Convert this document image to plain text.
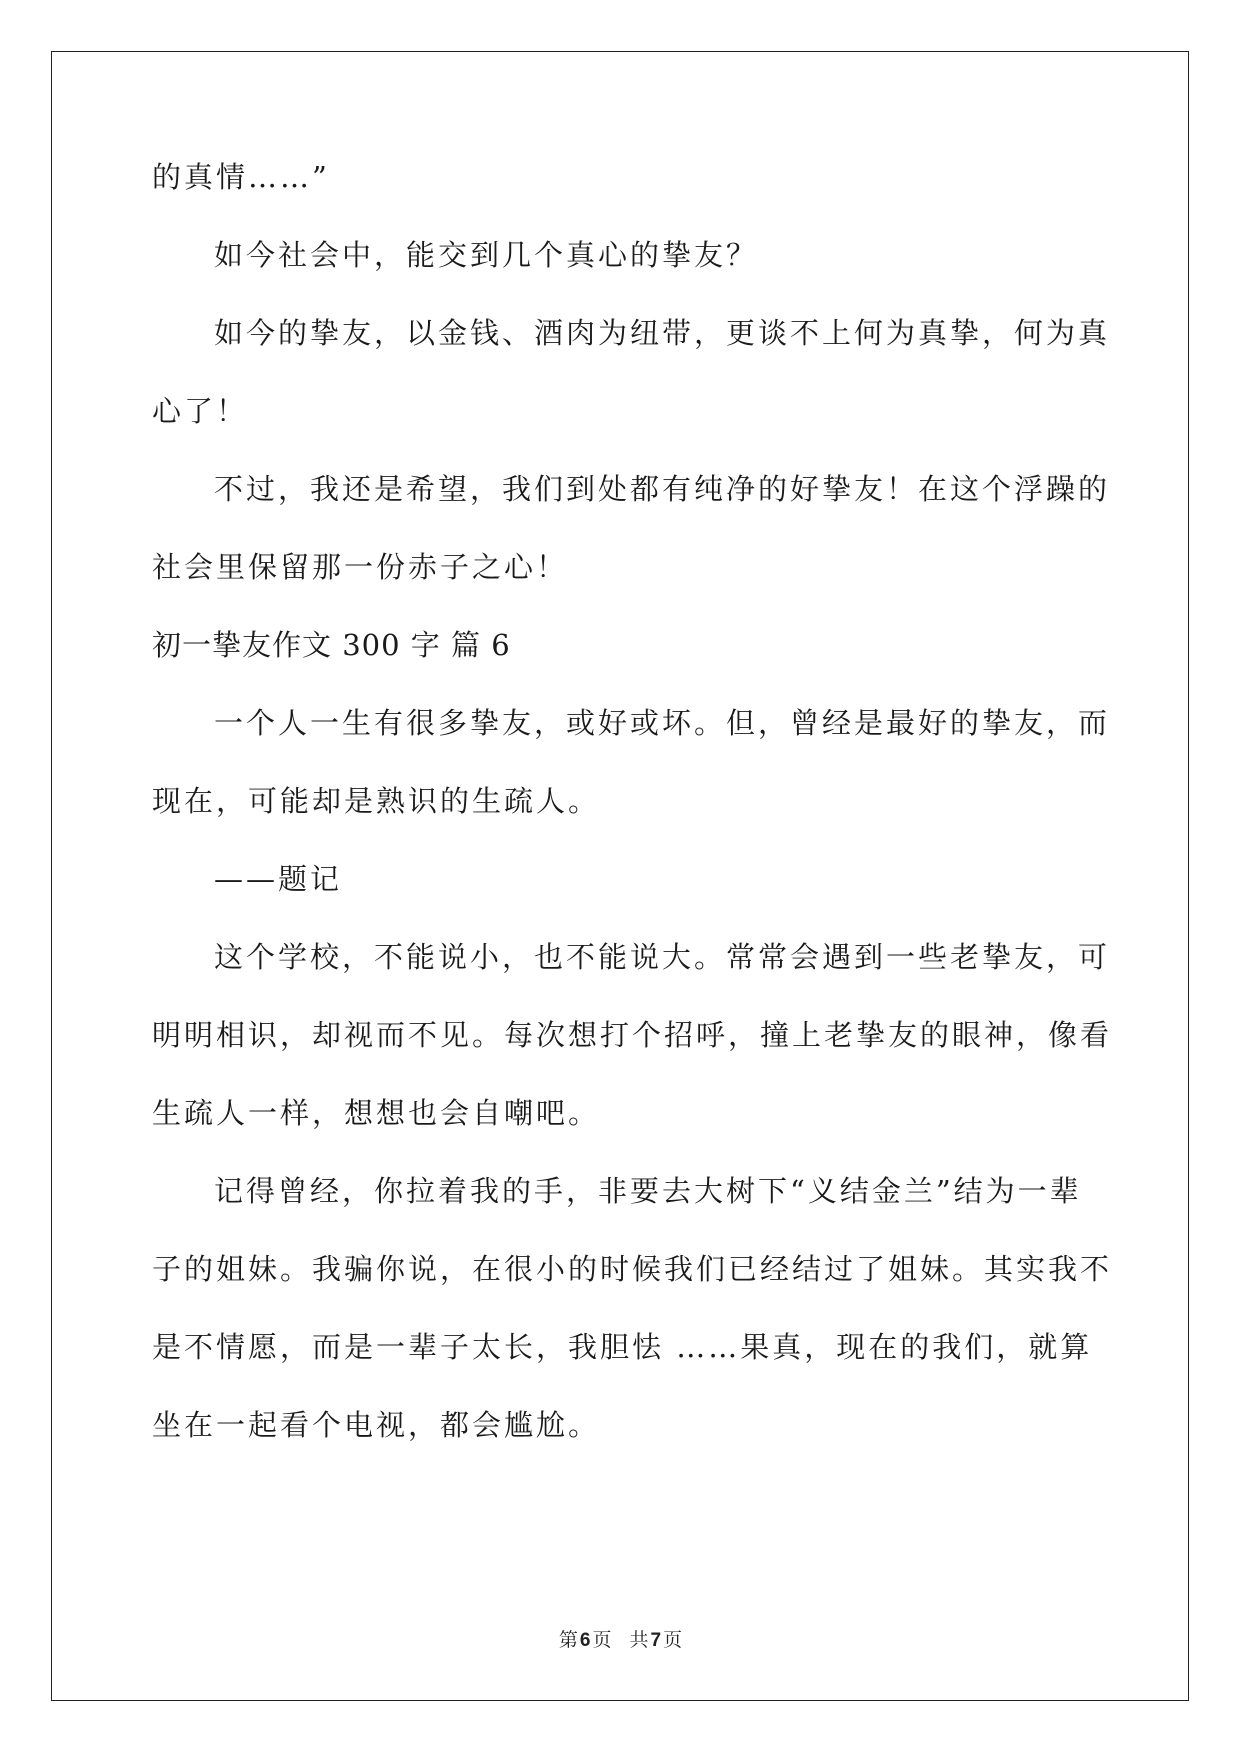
的真情……”
如今社会中，能交到几个真心的挚友？
如今的挚友，以金钱、酒肉为纽带，更谈不上何为真挚，何为真
心了！
不过，我还是希望，我们到处都有纯净的好挚友！在这个浮躁的
社会里保留那一份赤子之心！
初一挚友作文 300 字 篇 6
一个人一生有很多挚友，或好或坏。但，曾经是最好的挚友，而
现在，可能却是熟识的生疏人。
——题记
这个学校，不能说小，也不能说大。常常会遇到一些老挚友，可
明明相识，却视而不见。每次想打个招呼，撞上老挚友的眼神，像看
生疏人一样，想想也会自嘲吧。
记得曾经，你拉着我的手，非要去大树下“义结金兰”结为一辈
子的姐妹。我骗你说，在很小的时候我们已经结过了姐妹。其实我不
是不情愿，而是一辈子太长，我胆怯 ……果真，现在的我们，就算
坐在一起看个电视，都会尴尬。
第 6 页 共 7 页
